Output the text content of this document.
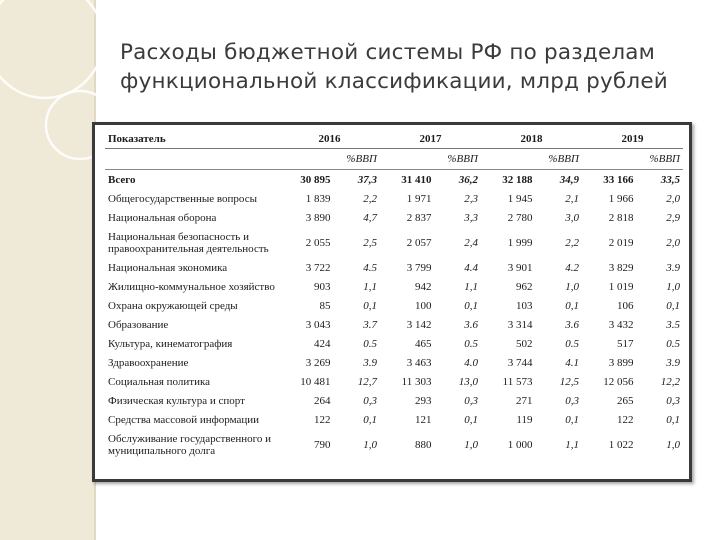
Расходы бюджетной системы РФ по разделам
функциональной классификации, млрд рублей
Показатель	2016		2017		2018		2019	
		%ВВП		%ВВП		%ВВП		%ВВП
Всего	30 895	37,3	31 410	36,2	32 188	34,9	33 166	33,5
Общегосударственные вопросы	1 839	2,2	1 971	2,3	1 945	2,1	1 966	2,0
Национальная оборона	3 890	4,7	2 837	3,3	2 780	3,0	2 818	2,9
Национальная безопасность и правоохранительная деятельность	2 055	2,5	2 057	2,4	1 999	2,2	2 019	2,0
Национальная экономика	3 722	4.5	3 799	4.4	3 901	4.2	3 829	3.9
Жилищно-коммунальное хозяйство	903	1,1	942	1,1	962	1,0	1 019	1,0
Охрана окружающей среды	85	0,1	100	0,1	103	0,1	106	0,1
Образование	3 043	3.7	3 142	3.6	3 314	3.6	3 432	3.5
Культура, кинематография	424	0.5	465	0.5	502	0.5	517	0.5
Здравоохранение	3 269	3.9	3 463	4.0	3 744	4.1	3 899	3.9
Социальная политика	10 481	12,7	11 303	13,0	11 573	12,5	12 056	12,2
Физическая культура и спорт	264	0,3	293	0,3	271	0,3	265	0,3
Средства массовой информации	122	0,1	121	0,1	119	0,1	122	0,1
Обслуживание государственного и муниципального долга	790	1,0	880	1,0	1 000	1,1	1 022	1,0
